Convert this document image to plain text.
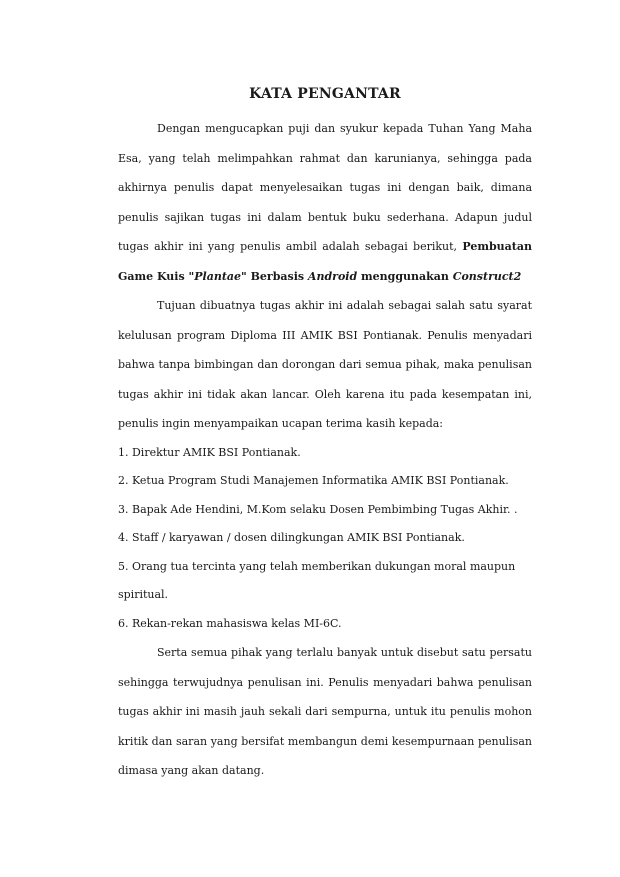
KATA PENGANTAR

Dengan mengucapkan puji dan syukur kepada Tuhan Yang Maha Esa, yang telah melimpahkan rahmat dan karunianya, sehingga pada akhirnya penulis dapat menyelesaikan tugas ini dengan baik, dimana penulis sajikan tugas ini dalam bentuk buku sederhana. Adapun judul tugas akhir ini yang penulis ambil adalah sebagai berikut, Pembuatan Game Kuis "Plantae" Berbasis Android menggunakan Construct2

Tujuan dibuatnya tugas akhir ini adalah sebagai salah satu syarat kelulusan program Diploma III AMIK BSI Pontianak. Penulis menyadari bahwa tanpa bimbingan dan dorongan dari semua pihak, maka penulisan tugas akhir ini tidak akan lancar. Oleh karena itu pada kesempatan ini, penulis ingin menyampaikan ucapan terima kasih kepada:

1. Direktur AMIK BSI Pontianak.
2. Ketua Program Studi Manajemen Informatika AMIK BSI Pontianak.
3. Bapak Ade Hendini, M.Kom selaku Dosen Pembimbing Tugas Akhir. .
4. Staff / karyawan / dosen dilingkungan AMIK BSI Pontianak.
5. Orang tua tercinta yang telah memberikan dukungan moral maupun spiritual.
6. Rekan-rekan mahasiswa kelas MI-6C.

Serta semua pihak yang terlalu banyak untuk disebut satu persatu sehingga terwujudnya penulisan ini. Penulis menyadari bahwa penulisan tugas akhir ini masih jauh sekali dari sempurna, untuk itu penulis mohon kritik dan saran yang bersifat membangun demi kesempurnaan penulisan dimasa yang akan datang.
